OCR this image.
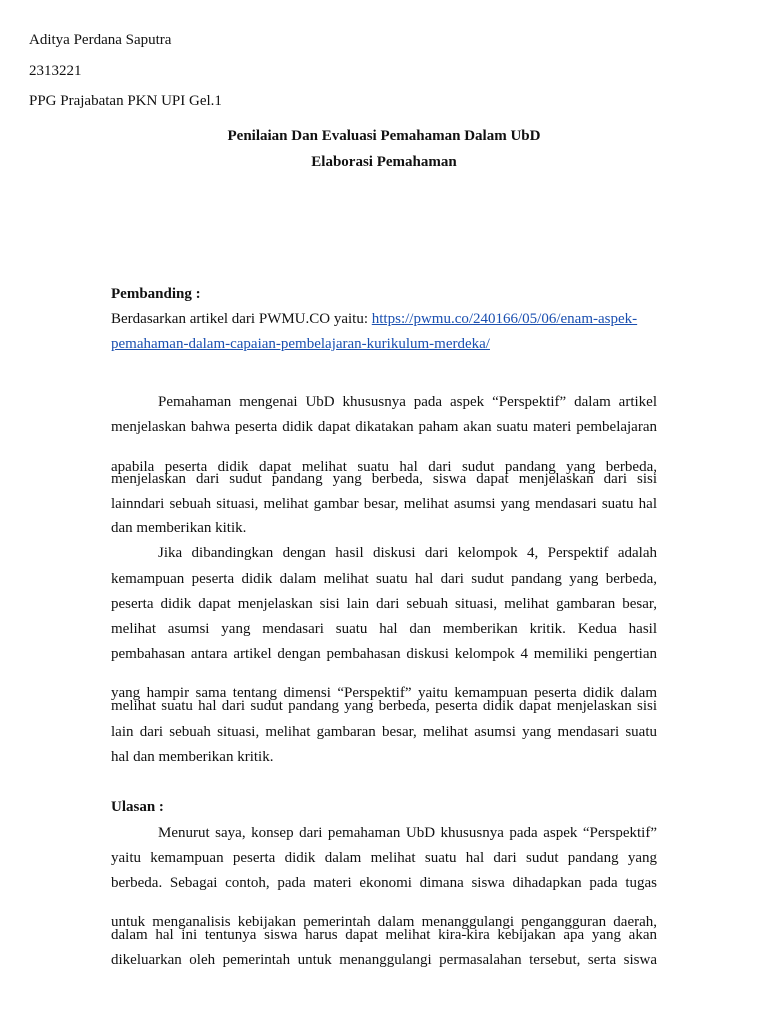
Aditya Perdana Saputra
2313221
PPG Prajabatan PKN UPI Gel.1
Penilaian Dan Evaluasi Pemahaman Dalam UbD
Elaborasi Pemahaman
Pembanding :
Berdasarkan artikel dari PWMU.CO yaitu: https://pwmu.co/240166/05/06/enam-aspek-
pemahaman-dalam-capaian-pembelajaran-kurikulum-merdeka/
Pemahaman mengenai UbD khususnya pada aspek “Perspektif” dalam artikel
menjelaskan bahwa peserta didik dapat dikatakan paham akan suatu materi pembelajaran
apabila peserta didik dapat melihat suatu hal dari sudut pandang yang berbeda,
menjelaskan dari sudut pandang yang berbeda, siswa dapat menjelaskan dari sisi
lainndari sebuah situasi, melihat gambar besar, melihat asumsi yang mendasari suatu hal
dan memberikan kitik.
Jika dibandingkan dengan hasil diskusi dari kelompok 4, Perspektif adalah
kemampuan peserta didik dalam melihat suatu hal dari sudut pandang yang berbeda,
peserta didik dapat menjelaskan sisi lain dari sebuah situasi, melihat gambaran besar,
melihat asumsi yang mendasari suatu hal dan memberikan kritik. Kedua hasil
pembahasan antara artikel dengan pembahasan diskusi kelompok 4 memiliki pengertian
yang hampir sama tentang dimensi “Perspektif” yaitu kemampuan peserta didik dalam
melihat suatu hal dari sudut pandang yang berbeda, peserta didik dapat menjelaskan sisi
lain dari sebuah situasi, melihat gambaran besar, melihat asumsi yang mendasari suatu
hal dan memberikan kritik.
Ulasan :
Menurut saya, konsep dari pemahaman UbD khususnya pada aspek “Perspektif”
yaitu kemampuan peserta didik dalam melihat suatu hal dari sudut pandang yang
berbeda. Sebagai contoh, pada materi ekonomi dimana siswa dihadapkan pada tugas
untuk menganalisis kebijakan pemerintah dalam menanggulangi pengangguran daerah,
dalam hal ini tentunya siswa harus dapat melihat kira-kira kebijakan apa yang akan
dikeluarkan oleh pemerintah untuk menanggulangi permasalahan tersebut, serta siswa
